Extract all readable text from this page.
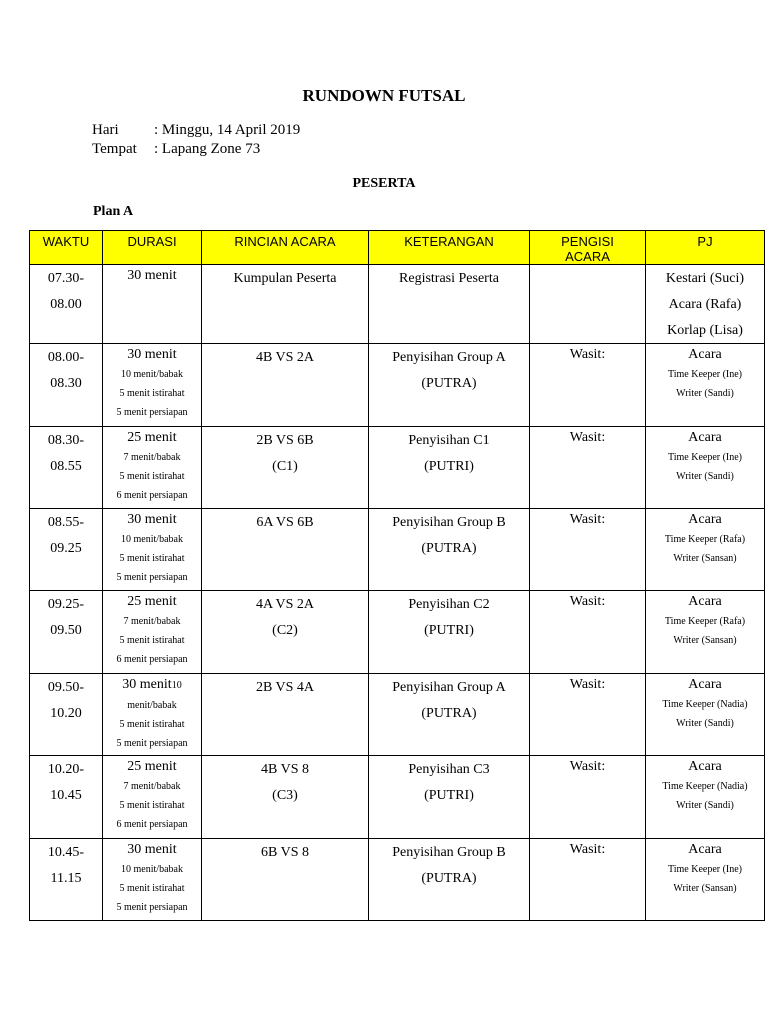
RUNDOWN FUTSAL
Hari : Minggu, 14 April 2019
Tempat : Lapang Zone 73
PESERTA
Plan A
WAKTU	DURASI	RINCIAN ACARA	KETERANGAN	PENGISI ACARA	PJ

07.30-
08.00	30 menit	Kumpulan Peserta	Registrasi Peserta		Kestari (Suci)
Acara (Rafa)
Korlap (Lisa)

08.00-
08.30	30 menit
10 menit/babak
5 menit istirahat
5 menit persiapan	4B VS 2A	Penyisihan Group A
(PUTRA)	Wasit:	Acara
Time Keeper (Ine)
Writer (Sandi)

08.30-
08.55	25 menit
7 menit/babak
5 menit istirahat
6 menit persiapan	2B VS 6B
(C1)	Penyisihan C1
(PUTRI)	Wasit:	Acara
Time Keeper (Ine)
Writer (Sandi)

08.55-
09.25	30 menit
10 menit/babak
5 menit istirahat
5 menit persiapan	6A VS 6B	Penyisihan Group B
(PUTRA)	Wasit:	Acara
Time Keeper (Rafa)
Writer (Sansan)

09.25-
09.50	25 menit
7 menit/babak
5 menit istirahat
6 menit persiapan	4A VS 2A
(C2)	Penyisihan C2
(PUTRI)	Wasit:	Acara
Time Keeper (Rafa)
Writer (Sansan)

09.50-
10.20	30 menit10
menit/babak
5 menit istirahat
5 menit persiapan	2B VS 4A	Penyisihan Group A
(PUTRA)	Wasit:	Acara
Time Keeper (Nadia)
Writer (Sandi)

10.20-
10.45	25 menit
7 menit/babak
5 menit istirahat
6 menit persiapan	4B VS 8
(C3)	Penyisihan C3
(PUTRI)	Wasit:	Acara
Time Keeper (Nadia)
Writer (Sandi)

10.45-
11.15	30 menit
10 menit/babak
5 menit istirahat
5 menit persiapan	6B VS 8	Penyisihan Group B
(PUTRA)	Wasit:	Acara
Time Keeper (Ine)
Writer (Sansan)
